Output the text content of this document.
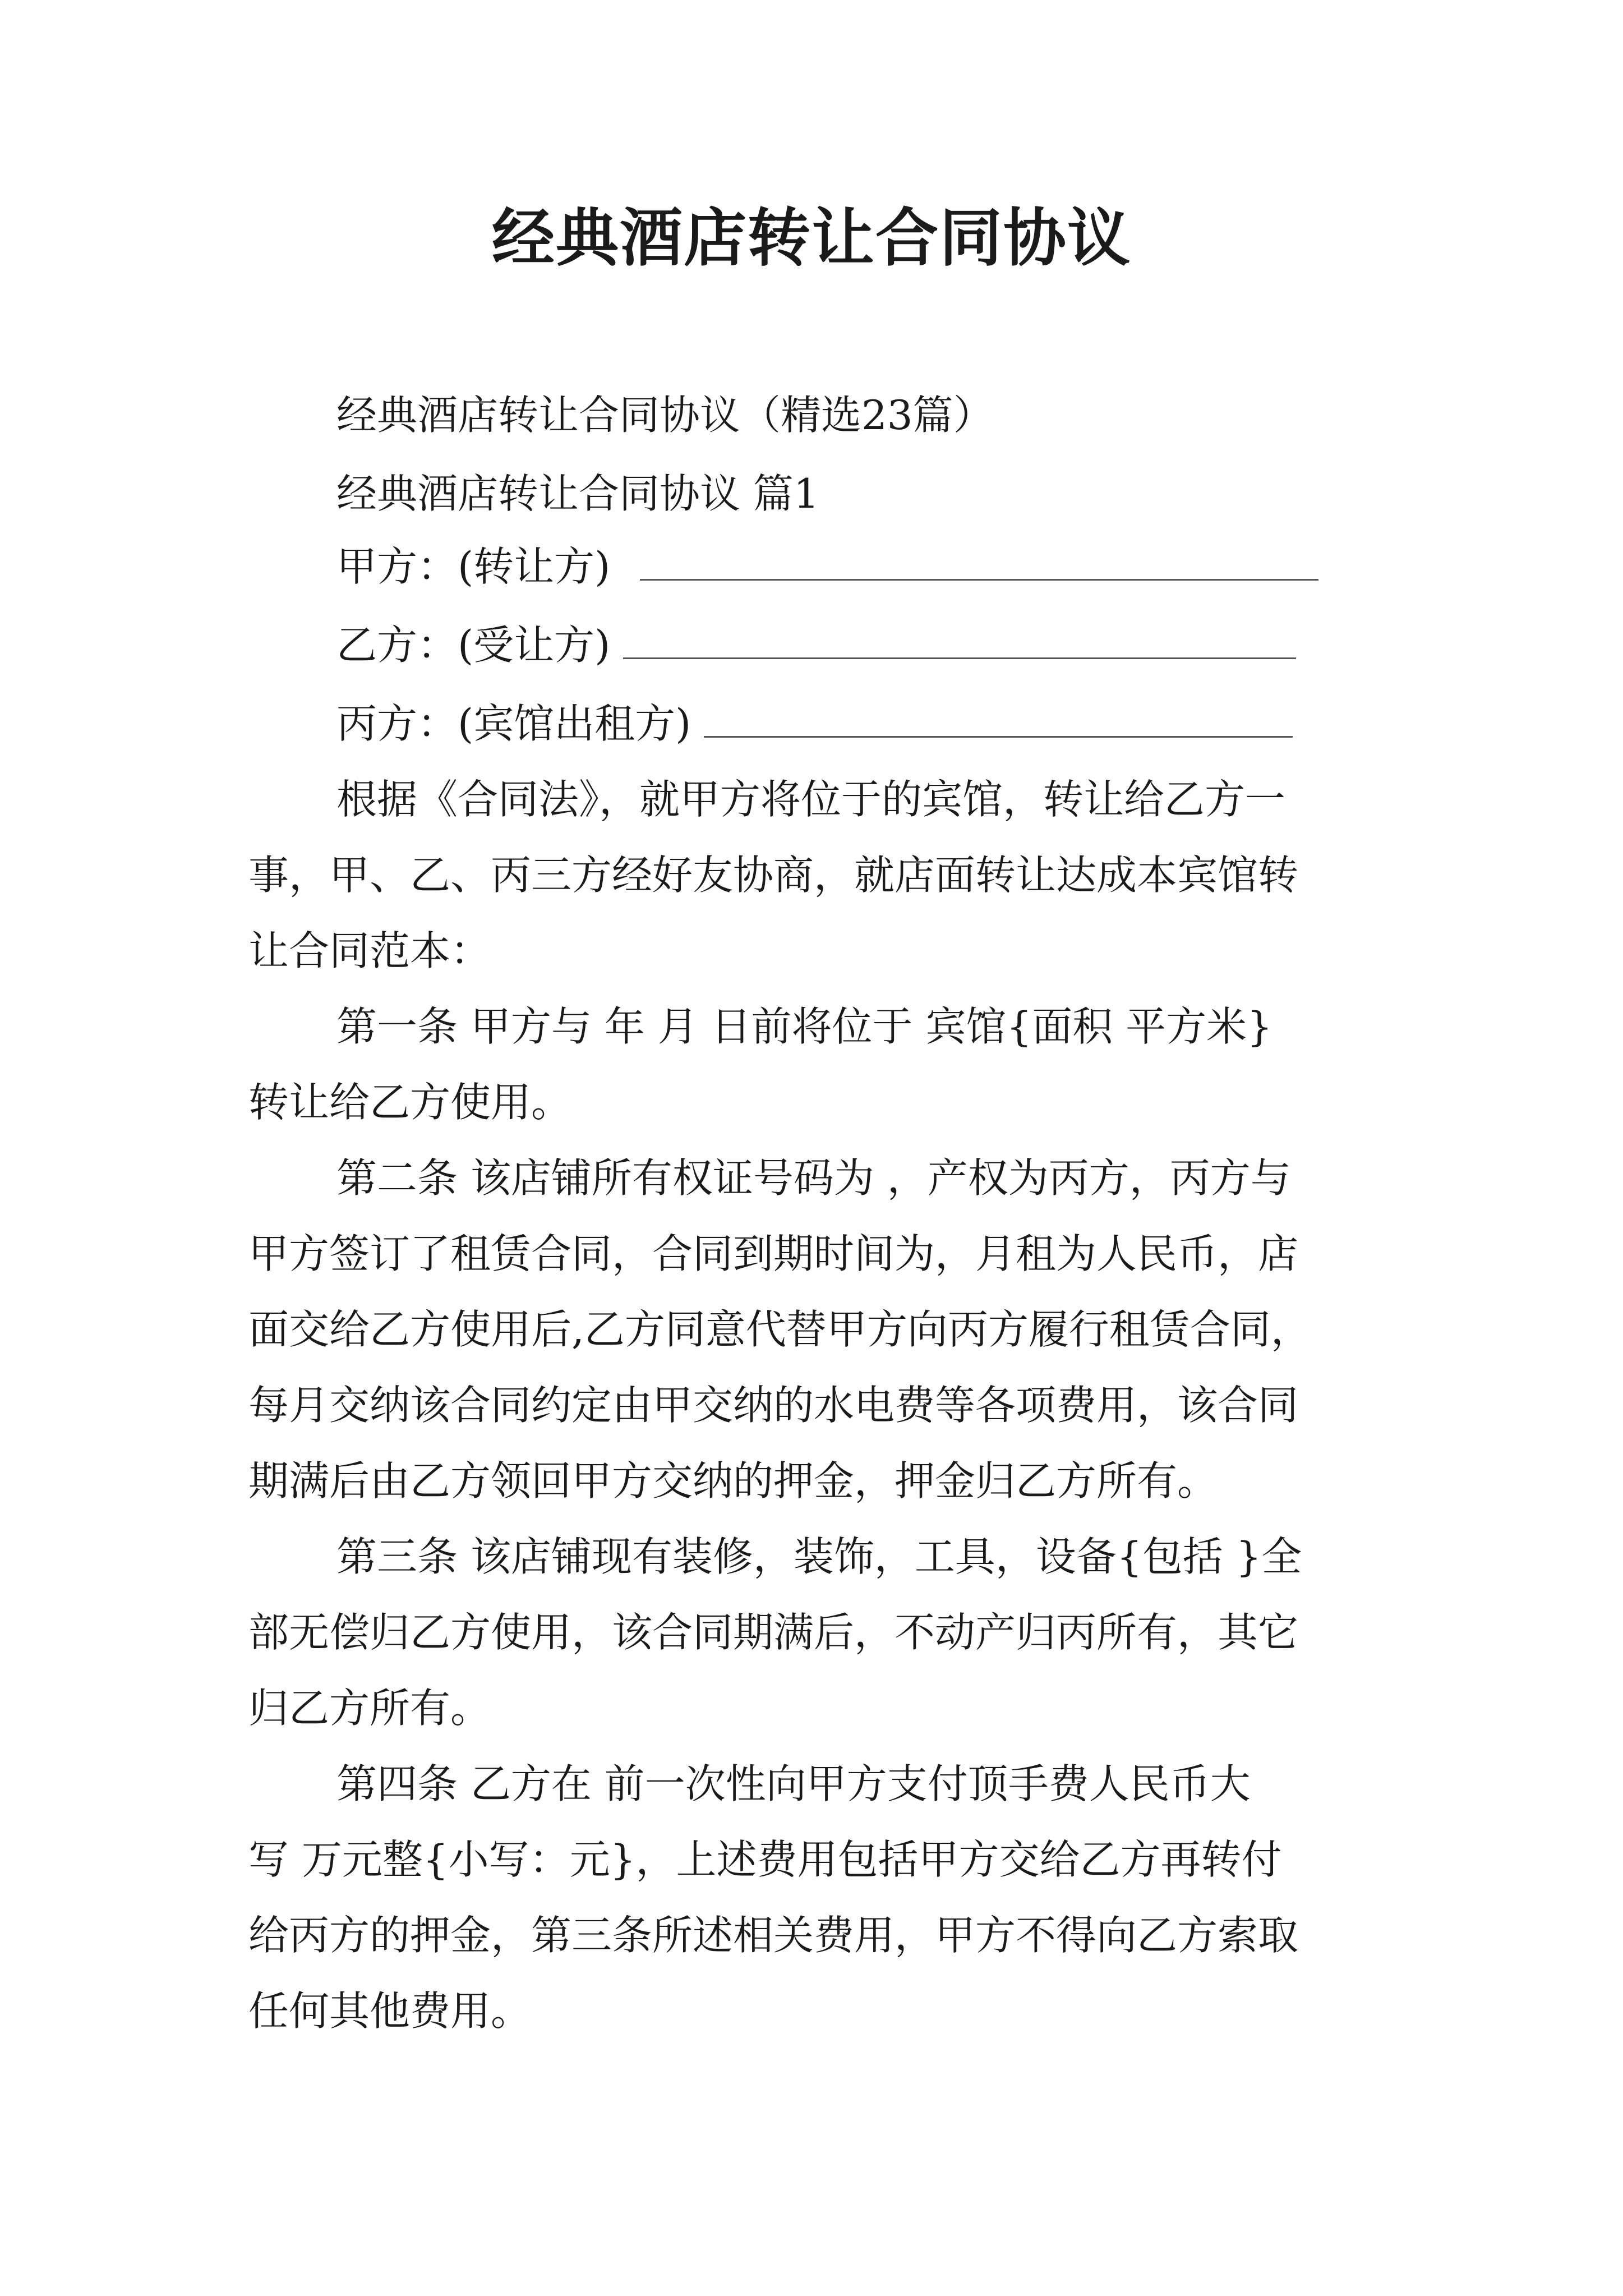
经典酒店转让合同协议
经典酒店转让合同协议（精选23篇）
经典酒店转让合同协议 篇1
甲方：(转让方)
乙方：(受让方)
丙方：(宾馆出租方)
根据《合同法》，就甲方将位于的宾馆，转让给乙方一
事，甲、乙、丙三方经好友协商，就店面转让达成本宾馆转
让合同范本：
第一条 甲方与 年 月 日前将位于 宾馆{面积 平方米}
转让给乙方使用。
第二条 该店铺所有权证号码为 ，产权为丙方，丙方与
甲方签订了租赁合同，合同到期时间为，月租为人民币，店
面交给乙方使用后,乙方同意代替甲方向丙方履行租赁合同，
每月交纳该合同约定由甲交纳的水电费等各项费用，该合同
期满后由乙方领回甲方交纳的押金，押金归乙方所有。
第三条 该店铺现有装修，装饰，工具，设备{包括 }全
部无偿归乙方使用，该合同期满后，不动产归丙所有，其它
归乙方所有。
第四条 乙方在 前一次性向甲方支付顶手费人民币大
写 万元整{小写：元}，上述费用包括甲方交给乙方再转付
给丙方的押金，第三条所述相关费用，甲方不得向乙方索取
任何其他费用。
